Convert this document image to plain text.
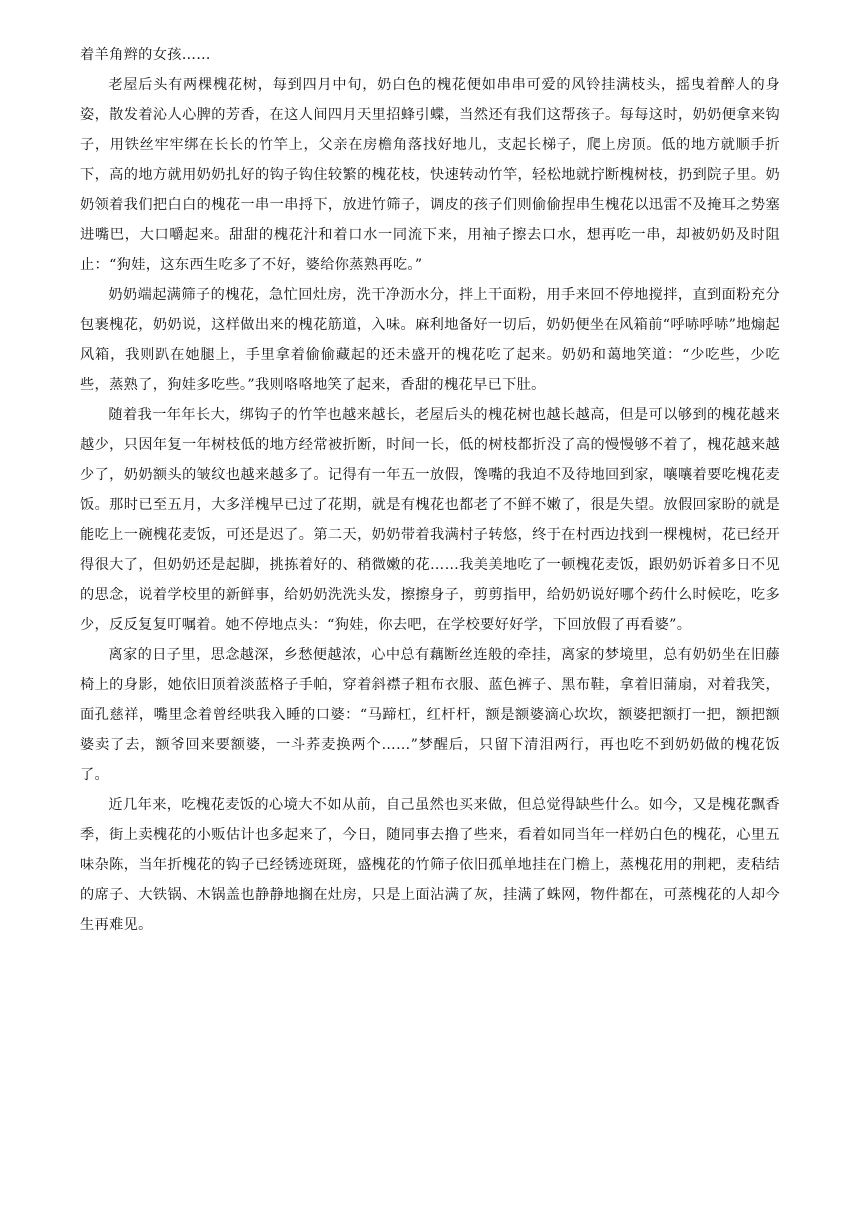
着羊角辫的女孩……

老屋后头有两棵槐花树，每到四月中旬，奶白色的槐花便如串串可爱的风铃挂满枝头，摇曳着醉人的身姿，散发着沁人心脾的芳香，在这人间四月天里招蜂引蝶，当然还有我们这帮孩子。每每这时，奶奶便拿来钩子，用铁丝牢牢绑在长长的竹竿上，父亲在房檐角落找好地儿，支起长梯子，爬上房顶。低的地方就顺手折下，高的地方就用奶奶扎好的钩子钩住较繁的槐花枝，快速转动竹竿，轻松地就拧断槐树枝，扔到院子里。奶奶领着我们把白白的槐花一串一串捋下，放进竹筛子，调皮的孩子们则偷偷捏串生槐花以迅雷不及掩耳之势塞进嘴巴，大口嚼起来。甜甜的槐花汁和着口水一同流下来，用袖子擦去口水，想再吃一串，却被奶奶及时阻止：“狗娃，这东西生吃多了不好，婆给你蒸熟再吃。”

奶奶端起满筛子的槐花，急忙回灶房，洗干净沥水分，拌上干面粉，用手来回不停地搅拌，直到面粉充分包裹槐花，奶奶说，这样做出来的槐花筋道，入味。麻利地备好一切后，奶奶便坐在风箱前“呼哧呼哧”地煽起风箱，我则趴在她腿上，手里拿着偷偷藏起的还未盛开的槐花吃了起来。奶奶和蔼地笑道：“少吃些，少吃些，蒸熟了，狗娃多吃些。”我则咯咯地笑了起来，香甜的槐花早已下肚。

随着我一年年长大，绑钩子的竹竿也越来越长，老屋后头的槐花树也越长越高，但是可以够到的槐花越来越少，只因年复一年树枝低的地方经常被折断，时间一长，低的树枝都折没了高的慢慢够不着了，槐花越来越少了，奶奶额头的皱纹也越来越多了。记得有一年五一放假，馋嘴的我迫不及待地回到家，嚷嚷着要吃槐花麦饭。那时已至五月，大多洋槐早已过了花期，就是有槐花也都老了不鲜不嫩了，很是失望。放假回家盼的就是能吃上一碗槐花麦饭，可还是迟了。第二天，奶奶带着我满村子转悠，终于在村西边找到一棵槐树，花已经开得很大了，但奶奶还是起脚，挑拣着好的、稍微嫩的花……我美美地吃了一顿槐花麦饭，跟奶奶诉着多日不见的思念，说着学校里的新鲜事，给奶奶洗洗头发，擦擦身子，剪剪指甲，给奶奶说好哪个药什么时候吃，吃多少，反反复复叮嘱着。她不停地点头：“狗娃，你去吧，在学校要好好学，下回放假了再看婆”。

离家的日子里，思念越深，乡愁便越浓，心中总有藕断丝连般的牵挂，离家的梦境里，总有奶奶坐在旧藤椅上的身影，她依旧顶着淡蓝格子手帕，穿着斜襟子粗布衣服、蓝色裤子、黑布鞋，拿着旧蒲扇，对着我笑，面孔慈祥，嘴里念着曾经哄我入睡的口婆：“马蹄杠，红杆杆，额是额婆滴心坎坎，额婆把额打一把，额把额婆卖了去，额爷回来要额婆，一斗荞麦换两个……”梦醒后，只留下清泪两行，再也吃不到奶奶做的槐花饭了。

近几年来，吃槐花麦饭的心境大不如从前，自己虽然也买来做，但总觉得缺些什么。如今，又是槐花飘香季，街上卖槐花的小贩估计也多起来了，今日，随同事去撸了些来，看着如同当年一样奶白色的槐花，心里五味杂陈，当年折槐花的钩子已经锈迹斑斑，盛槐花的竹筛子依旧孤单地挂在门檐上，蒸槐花用的荆耙，麦秸结的席子、大铁锅、木锅盖也静静地搁在灶房，只是上面沾满了灰，挂满了蛛网，物件都在，可蒸槐花的人却今生再难见。
